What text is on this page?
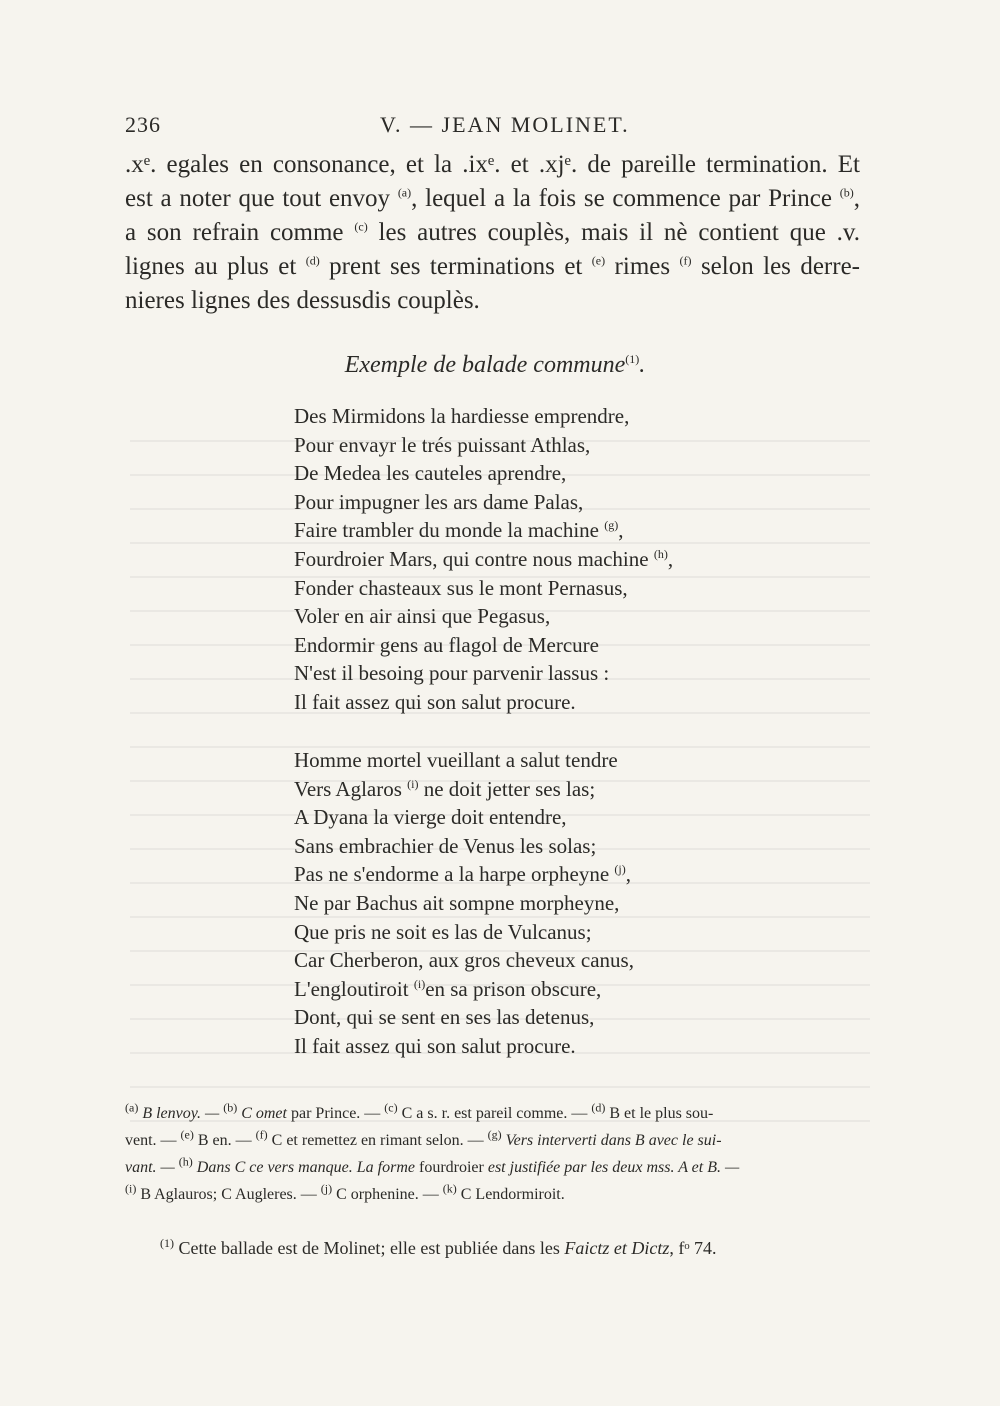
236	V. — JEAN MOLINET.
.xᵉ. egales en consonance, et la .ixᵉ. et .xjᵉ. de pareille termination. Et
est a noter que tout envoy $^{(a)}$, lequel a la fois se commence par Prince $^{(b)}$,
a son refrain comme $^{(c)}$ les autres couplès, mais il nè contient que .v.
lignes au plus et $^{(d)}$ prent ses terminations et $^{(e)}$ rimes $^{(f)}$ selon les derre-
nieres lignes des dessusdis couplès.
Exemple de balade commune$^{(1)}$.
Des Mirmidons la hardiesse emprendre,
Pour envayr le trés puissant Athlas,
De Medea les cauteles aprendre,
Pour impugner les ars dame Palas,
Faire trambler du monde la machine $^{(g)}$,
Fourdroier Mars, qui contre nous machine $^{(h)}$,
Fonder chasteaux sus le mont Pernasus,
Voler en air ainsi que Pegasus,
Endormir gens au flagol de Mercure
N'est il besoing pour parvenir lassus :
Il fait assez qui son salut procure.
Homme mortel vueillant a salut tendre
Vers Aglaros $^{(i)}$ ne doit jetter ses las;
A Dyana la vierge doit entendre,
Sans embrachier de Venus les solas;
Pas ne s'endorme a la harpe orpheyne $^{(j)}$,
Ne par Bachus ait sompne morpheyne,
Que pris ne soit es las de Vulcanus;
Car Cherberon, aux gros cheveux canus,
L'engloutiroit $^{(i)}$en sa prison obscure,
Dont, qui se sent en ses las detenus,
Il fait assez qui son salut procure.
$^{(a)}$ B lenvoy. — $^{(b)}$ C omet par Prince. — $^{(c)}$ C a s. r. est pareil comme. — $^{(d)}$ B et le plus sou-
vent. — $^{(e)}$ B en. — $^{(f)}$ C et remettez en rimant selon. — $^{(g)}$ Vers interverti dans B avec le sui-
vant. — $^{(h)}$ Dans C ce vers manque. La forme fourdroier est justifiée par les deux mss. A et B. —
$^{(i)}$ B Aglauros; C Augleres. — $^{(j)}$ C orphenine. — $^{(k)}$ C Lendormiroit.
$^{(1)}$ Cette ballade est de Molinet; elle est publiée dans les Faictz et Dictz, fᵒ 74.
